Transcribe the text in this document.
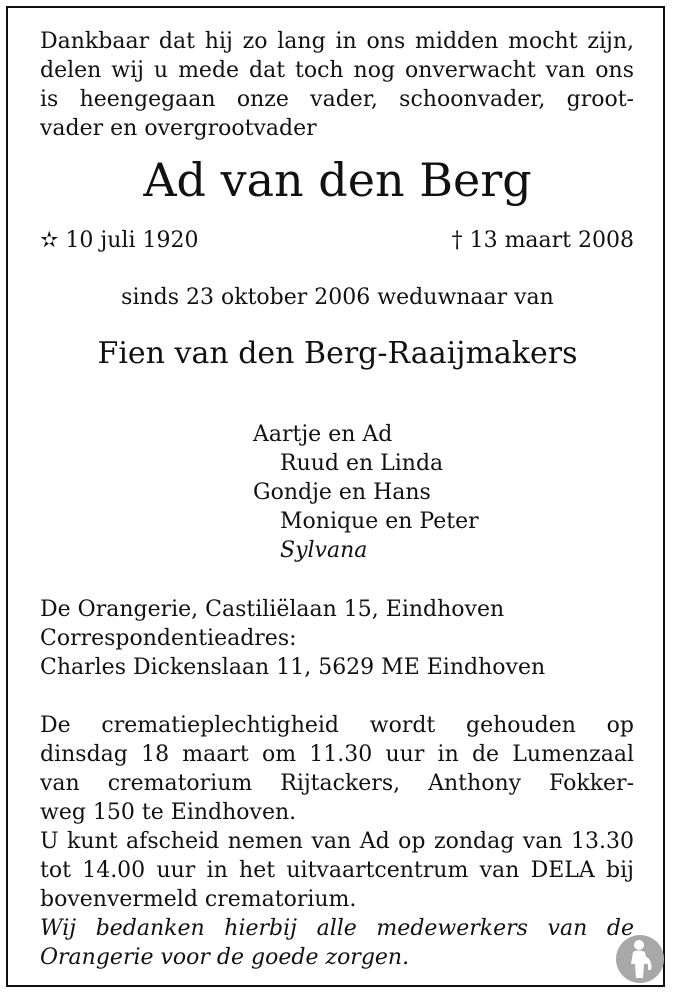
Dankbaar dat hij zo lang in ons midden mocht zijn,
delen wij u mede dat toch nog onverwacht van ons
is heengegaan onze vader, schoonvader, groot-
vader en overgrootvader
Ad van den Berg
✫ 10 juli 1920	† 13 maart 2008
sinds 23 oktober 2006 weduwnaar van
Fien van den Berg-Raaijmakers
Aartje en Ad
Ruud en Linda
Gondje en Hans
Monique en Peter
Sylvana
De Orangerie, Castiliëlaan 15, Eindhoven
Correspondentieadres:
Charles Dickenslaan 11, 5629 ME Eindhoven
De crematieplechtigheid wordt gehouden op
dinsdag 18 maart om 11.30 uur in de Lumenzaal
van crematorium Rijtackers, Anthony Fokker-
weg 150 te Eindhoven.
U kunt afscheid nemen van Ad op zondag van 13.30
tot 14.00 uur in het uitvaartcentrum van DELA bij
bovenvermeld crematorium.
Wij bedanken hierbij alle medewerkers van de
Orangerie voor de goede zorgen.
